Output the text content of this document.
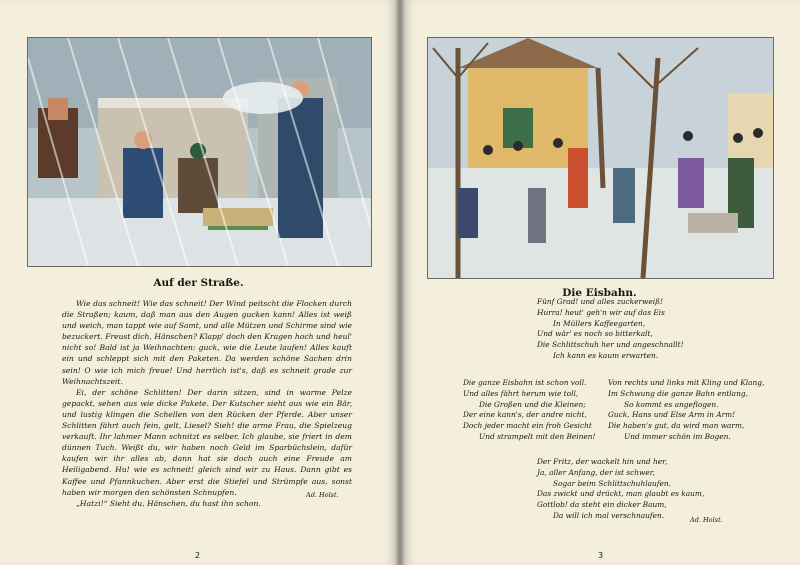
Auf der Straße.

Wie das schneit! Wie das schneit! Der Wind peitscht die Flocken durch die Straßen; kaum, daß man aus den Augen gucken kann! Alles ist weiß und weich, man tappt wie auf Samt, und alle Mützen und Schirme sind wie bezuckert. Freust dich, Hänschen? Klapp' doch den Kragen hoch und heul' nicht so! Bald ist ja Weihnachten: guck, wie die Leute laufen! Alles kauft ein und schleppt sich mit den Paketen. Da werden schöne Sachen drin sein! O wie ich mich freue! Und herrlich ist's, daß es schneit grade zur Weihnachtszeit.

Ei, der schöne Schlitten! Der darin sitzen, sind in warme Pelze gepackt, sehen aus wie dicke Pakete. Der Kutscher sieht aus wie ein Bär, und lustig klingen die Schellen von den Rücken der Pferde. Aber unser Schlitten fährt auch fein, gelt, Liesel? Sieh! die arme Frau, die Spielzeug verkauft. Ihr lahmer Mann schnitzt es selber. Ich glaube, sie friert in dem dünnen Tuch. Weißt du, wir haben noch Geld im Sparbüchslein, dafür kaufen wir ihr alles ab, dann hat sie doch auch eine Freude am Heiligabend. Hu! wie es schneit! gleich sind wir zu Haus. Dann gibt es Kaffee und Pfannkuchen. Aber erst die Stiefel und Strümpfe aus, sonst haben wir morgen den schönsten Schnupfen.

„Hatzi!“ Sieht du, Hänschen, du hast ihn schon.

Ad. Holst.
2
Die Eisbahn.
Fünf Grad! und alles zuckerweiß!
Hurra! heut' geh'n wir auf das Eis
In Müllers Kaffeegarten,
Und wär' es noch so bitterkalt,
Die Schlittschuh her und angeschnallt!
Ich kann es kaum erwarten.
Die ganze Eisbahn ist schon voll.
Und alles fährt herum wie toll,
Die Großen und die Kleinen;
Der eine kann's, der andre nicht,
Doch jeder macht ein froh Gesicht
Und strampelt mit den Beinen!
Von rechts und links mit Kling und Klang,
Im Schwung die ganze Bahn entlang,
So kommt es angeflogen.
Guck, Hans und Else Arm in Arm!
Die haben's gut, da wird man warm,
Und immer schön im Bogen.
Der Fritz, der wackelt hin und her,
Ja, aller Anfang, der ist schwer,
Sogar beim Schlittschuhlaufen.
Das zwickt und drückt, man glaubt es kaum,
Gottlob! da steht ein dicker Baum,
Da will ich mal verschnaufen.
Ad. Holst.
3
